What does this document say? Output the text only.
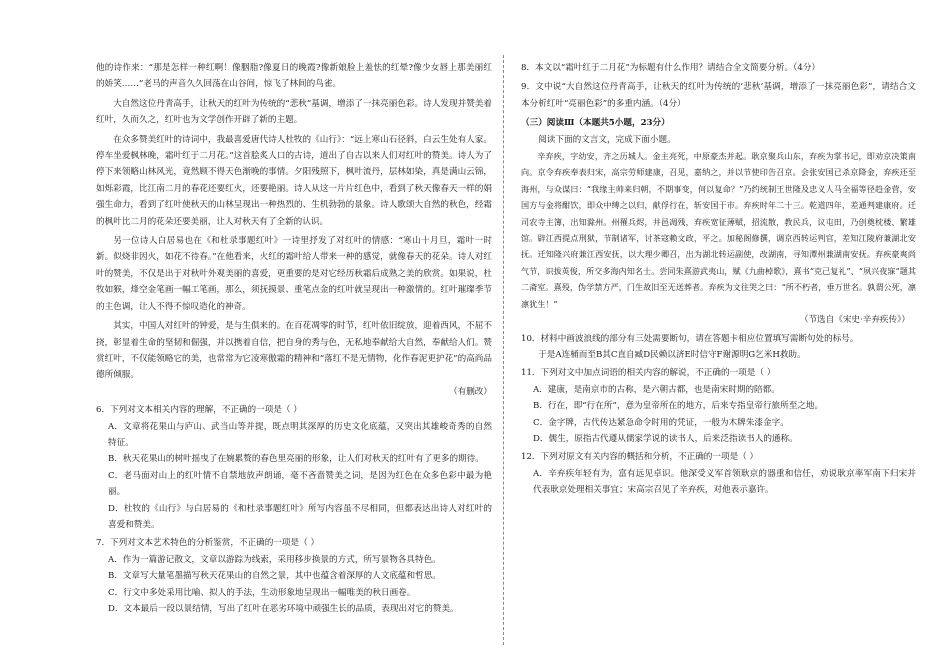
他的诗作来：“那是怎样一种红啊！像胭脂?像夏日的晚霞?像新娘脸上羞怯的红晕?像少女唇上那美丽红的娇笑……”老马的声音久久回荡在山谷间，惊飞了林间的鸟雀。

大自然这位丹青高手，让秋天的红叶为传统的“悲秋”基调，增添了一抹亮丽色彩。诗人发现并赞美着红叶，久而久之，红叶也为文学创作开辟了新的主题。

在众多赞美红叶的诗词中，我最喜爱唐代诗人杜牧的《山行》：“远上寒山石径斜，白云生处有人家。停车坐爱枫林晚，霜叶红于二月花。”这首脍炙人口的古诗，道出了自古以来人们对红叶的赞美。诗人为了停下来领略山林风光，竟然顾不得天色渐晚的事情。夕阳残照下，枫叶流丹，层林如染，真是满山云锦，如烁彩霞，比江南二月的春花还要红火，还要艳丽。诗人从这一片片红色中，看到了秋天像春天一样的娟强生命力，看到了红叶使秋天的山林呈现出一种热烈的、生机勃勃的景象。诗人歌颂大自然的秋色，经霜的枫叶比二月的花朵还要美丽，让人对秋天有了全新的认识。

另一位诗人白居易也在《和杜录事题红叶》一诗里抒发了对红叶的情感：“寒山十月旦，霜叶一时新。似烧非因火，如花不待春。”在他看来，火红的霜叶给人带来一种的感觉，就像春天的花朵。诗人对红叶的赞美，不仅是出于对秋叶外观美丽的喜爱，更重要的是对它经历秋霜后成熟之美的欣赏。如果说，杜牧如猴，烽空金笔画一幅工笔画，那么，须抚摸景、重笔点金的红叶就呈现出一种激情的。红叶璀璨季节的主色调，让人不得不惊叹造化的神奇。

其实，中国人对红叶的钟爱，是与生俱来的。在百花凋零的时节，红叶依旧绽放，迎着西风，不屈不挠，彰显着生命的坚韧和倔强，并以携着自信，把自身的秀与色，无私地奉献给大自然，奉献给人们。赞赏红叶，不仅能领略它的美，也常常为它凌寒傲霜的精神和“落红不是无情物，化作春泥更护花”的高尚品德所倾服。

（有删改）

6．下列对文本相关内容的理解，不正确的一项是（ ）

A．文章将花果山与庐山、武当山等并提，既点明其深厚的历史文化底蕴，又突出其雄峻奇秀的自然特征。

B．秋天花果山的树叶摇曳了在婉累赘的春色里亮丽的形象，让人们对秋天的红叶有了更多的期待。

C．老马面对山上的红叶情不自禁地放声朗诵，毫不吝啬赞美之词，是因为红色在众多色彩中最为艳丽。

D．杜牧的《山行》与白居易的《和杜录事题红叶》所写内容虽不尽相同，但都表达出诗人对红叶的喜爱和赞美。

7．下列对文本艺术特色的分析鉴赏，不正确的一项是（ ）

A．作为一篇游记散文，文章以游踪为线索，采用移步换景的方式，所写景物各具特色。

B．文章写大量笔墨描写秋天花果山的自然之景，其中也蕴含着深厚的人文底蕴和哲思。

C．行文中多处采用比喻、拟人的手法，生动形象地呈现出一幅唯美的秋日画卷。

D．文本最后一段以景结情，写出了红叶在恶劣环境中顽强生长的品质，表现出对它的赞美。

8．本文以“霜叶红于二月花”为标题有什么作用？请结合全文简要分析。（4分）

9．文中说“大自然这位丹青高手，让秋天的红叶为传统的‘悲秋’基调，增添了一抹亮丽色彩”，请结合文本分析红叶“亮丽色彩”的多重内涵。（4分）

（三）阅读Ⅲ（本题共5小题，23分）

阅读下面的文言文，完成下面小题。

辛弃疾，字幼安，齐之历城人。金主亮死，中原豪杰并起。耿京聚兵山东，弃疾为掌书记，即劝京决策南向。京令弃疾奉表归宋，高宗劳师建康，召见，嘉纳之，并以节使印告召京。会张安国已杀京降金，弃疾还至海州，与众谋曰：“我缘主帅来归朝，不期事变，何以复命？”乃约统制王世隆及忠义人马全福等径趋金营，安国方与金将酣饮，即众中缚之以归，献俘行在，斩安国于市。弃疾时年二十三。乾道四年，差通判建康府。迁司农寺主簿，出知滁州。州罹兵烬，井邑凋残，弃疾宽征薄赋，招流散，教民兵，议屯田，乃创奠枕楼、繁雄馆。辟江西提点刑狱，节制诸军，讨茶寇赖文政，平之。加秘阁修撰，调京西转运判官，差知江陵府兼湖北安抚。迁知隆兴府兼江西安抚，以大理少卿召，出为湖北转运副使，改湖南，寻知潭州兼湖南安抚。弃疾豪爽尚气节，识拔英俊，所交多海内知名士。尝同朱熹游武夷山，赋《九曲棹歌》，熹书“克己复礼”、“夙兴夜寐”题其二斋室。熹殁，伪学禁方严，门生故旧至无送葬者。弃疾为文往哭之曰：“所不朽者，垂万世名。孰谓公死，凛凛犹生！”

（节选自《宋史·辛弃疾传》）

10．材料中画波浪线的部分有三处需要断句，请在答题卡相应位置填写需断句处的标号。

于是A连桶而至B其C直自臧D民赖以济E时信守F谢源明G乞米H救助。

11．下列对文中加点词语的相关内容的解说，不正确的一项是（ ）

A．建康，是南京市的古称，是六朝古都，也是南宋时期的陪都。

B．行在，即“行在所”，意为皇帝所在的地方，后来专指皇帝行旅所至之地。

C．金字牌，古代传达紧急命令时用的凭证，一般为木牌朱漆金字。

D．儒生，原指古代遵从儒家学说的读书人，后来泛指读书人的通称。

12．下列对原文有关内容的概括和分析，不正确的一项是（ ）

A．辛弃疾年轻有为，富有远见卓识。他深受义军首领耿京的器重和信任，劝说耿京率军南下归宋并代表耿京处理相关事宜；宋高宗召见了辛弃疾，对他表示嘉许。
